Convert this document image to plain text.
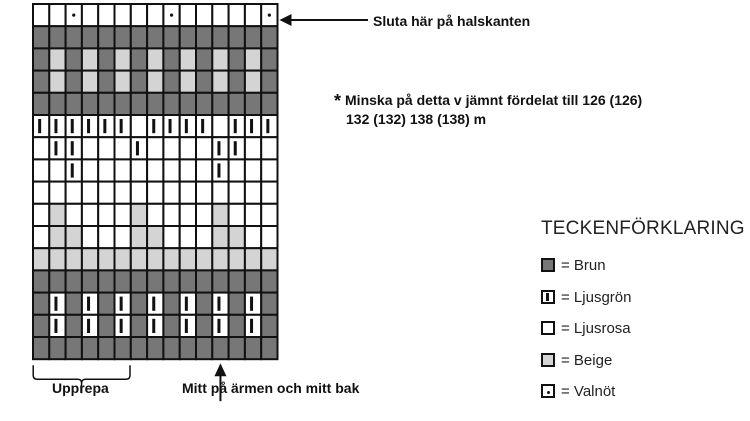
Sluta här på halskanten
* Minska på detta v jämnt fördelat till 126 (126)
132 (132) 138 (138) m
Upprepa	Mitt på ärmen och mitt bak
TECKENFÖRKLARING
= Brun
= Ljusgrön
= Ljusrosa
= Beige
= Valnöt
